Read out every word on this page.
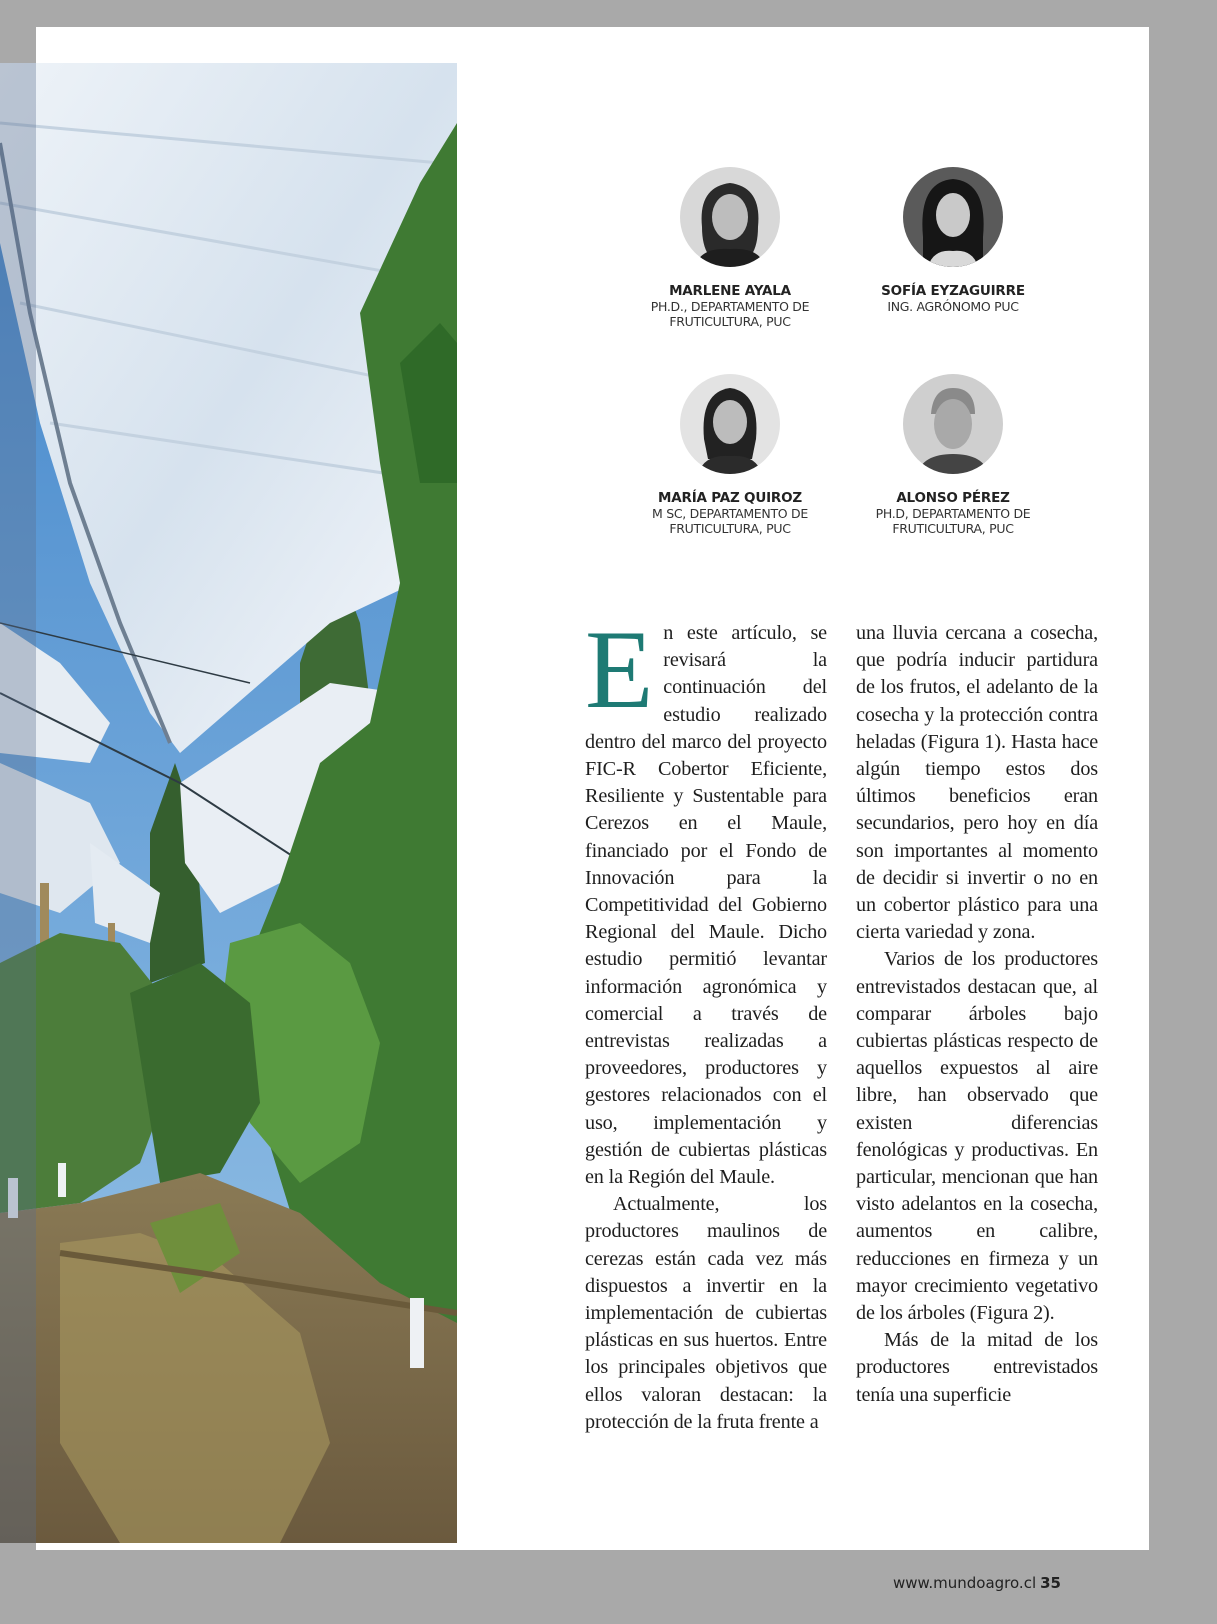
MARLENE AYALA
PH.D., DEPARTAMENTO DE
FRUTICULTURA, PUC
SOFÍA EYZAGUIRRE
ING. AGRÓNOMO PUC
MARÍA PAZ QUIROZ
M SC, DEPARTAMENTO DE
FRUTICULTURA, PUC
ALONSO PÉREZ
PH.D, DEPARTAMENTO DE
FRUTICULTURA, PUC

En este artículo, se revisará la continuación del estudio realizado dentro del marco del proyecto FIC-R Cobertor Eficiente, Resiliente y Sustentable para Cerezos en el Maule, financiado por el Fondo de Innovación para la Competitividad del Gobierno Regional del Maule. Dicho estudio permitió levantar información agronómica y comercial a través de entrevistas realizadas a proveedores, productores y gestores relacionados con el uso, implementación y gestión de cubiertas plásticas en la Región del Maule.

Actualmente, los productores maulinos de cerezas están cada vez más dispuestos a invertir en la implementación de cubiertas plásticas en sus huertos. Entre los principales objetivos que ellos valoran destacan: la protección de la fruta frente a

una lluvia cercana a cosecha, que podría inducir partidura de los frutos, el adelanto de la cosecha y la protección contra heladas (Figura 1). Hasta hace algún tiempo estos dos últimos beneficios eran secundarios, pero hoy en día son importantes al momento de decidir si invertir o no en un cobertor plástico para una cierta variedad y zona.

Varios de los productores entrevistados destacan que, al comparar árboles bajo cubiertas plásticas respecto de aquellos expuestos al aire libre, han observado que existen diferencias fenológicas y productivas. En particular, mencionan que han visto adelantos en la cosecha, aumentos en calibre, reducciones en firmeza y un mayor crecimiento vegetativo de los árboles (Figura 2).

Más de la mitad de los productores entrevistados tenía una superficie

www.mundoagro.cl 35
